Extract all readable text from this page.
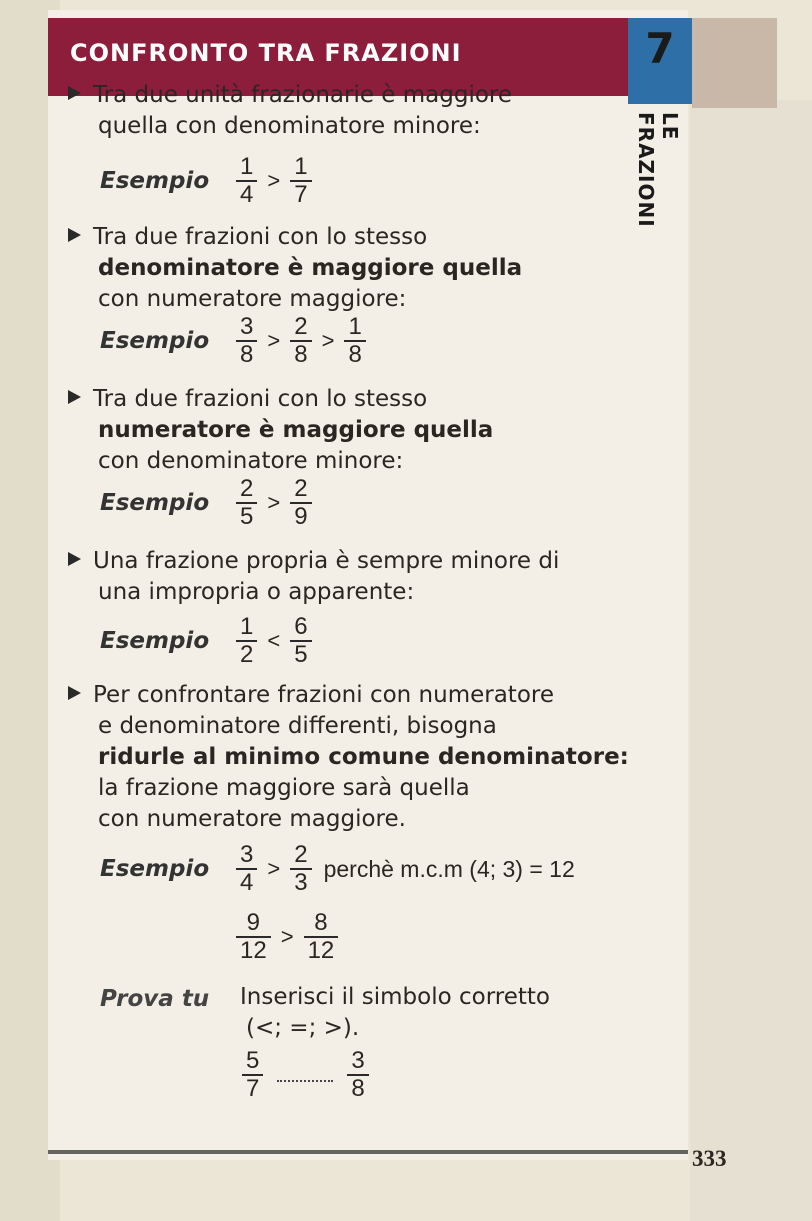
CONFRONTO TRA FRAZIONI	7
LE FRAZIONI
Tra due unità frazionarie è maggiore
quella con denominatore minore:
Esempio	$\frac{1}{4} > \frac{1}{7}$
Tra due frazioni con lo stesso
denominatore è maggiore quella
con numeratore maggiore:
Esempio	$\frac{3}{8} > \frac{2}{8} > \frac{1}{8}$
Tra due frazioni con lo stesso
numeratore è maggiore quella
con denominatore minore:
Esempio	$\frac{2}{5} > \frac{2}{9}$
Una frazione propria è sempre minore di
una impropria o apparente:
Esempio	$\frac{1}{2} < \frac{6}{5}$
Per confrontare frazioni con numeratore
e denominatore differenti, bisogna
ridurle al minimo comune denominatore:
la frazione maggiore sarà quella
con numeratore maggiore.
Esempio	$\frac{3}{4} > \frac{2}{3}$ perchè m.c.m (4; 3) = 12
$\frac{9}{12} > \frac{8}{12}$
Prova tu Inserisci il simbolo corretto
(<; =; >).
$\frac{5}{7}$	$\frac{3}{8}$
333
